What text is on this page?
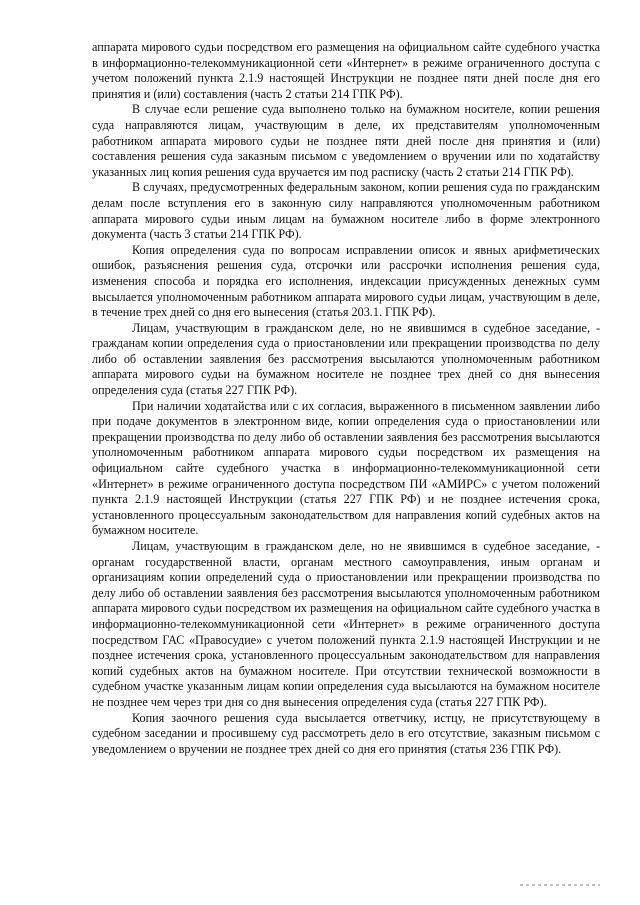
аппарата мирового судьи посредством его размещения на официальном сайте судебного участка в информационно-телекоммуникационной сети «Интернет» в режиме ограниченного доступа с учетом положений пункта 2.1.9 настоящей Инструкции не позднее пяти дней после дня его принятия и (или) составления (часть 2 статьи 214 ГПК РФ).

В случае если решение суда выполнено только на бумажном носителе, копии решения суда направляются лицам, участвующим в деле, их представителям уполномоченным работником аппарата мирового судьи не позднее пяти дней после дня принятия и (или) составления решения суда заказным письмом с уведомлением о вручении или по ходатайству указанных лиц копия решения суда вручается им под расписку (часть 2 статьи 214 ГПК РФ).

В случаях, предусмотренных федеральным законом, копии решения суда по гражданским делам после вступления его в законную силу направляются уполномоченным работником аппарата мирового судьи иным лицам на бумажном носителе либо в форме электронного документа (часть 3 статьи 214 ГПК РФ).

Копия определения суда по вопросам исправлении описок и явных арифметических ошибок, разъяснения решения суда, отсрочки или рассрочки исполнения решения суда, изменения способа и порядка его исполнения, индексации присужденных денежных сумм высылается уполномоченным работником аппарата мирового судьи лицам, участвующим в деле, в течение трех дней со дня его вынесения (статья 203.1. ГПК РФ).

Лицам, участвующим в гражданском деле, но не явившимся в судебное заседание, - гражданам копии определения суда о приостановлении или прекращении производства по делу либо об оставлении заявления без рассмотрения высылаются уполномоченным работником аппарата мирового судьи на бумажном носителе не позднее трех дней со дня вынесения определения суда (статья 227 ГПК РФ).

При наличии ходатайства или с их согласия, выраженного в письменном заявлении либо при подаче документов в электронном виде, копии определения суда о приостановлении или прекращении производства по делу либо об оставлении заявления без рассмотрения высылаются уполномоченным работником аппарата мирового судьи посредством их размещения на официальном сайте судебного участка в информационно-телекоммуникационной сети «Интернет» в режиме ограниченного доступа посредством ПИ «АМИРС» с учетом положений пункта 2.1.9 настоящей Инструкции (статья 227 ГПК РФ) и не позднее истечения срока, установленного процессуальным законодательством для направления копий судебных актов на бумажном носителе.

Лицам, участвующим в гражданском деле, но не явившимся в судебное заседание, - органам государственной власти, органам местного самоуправления, иным органам и организациям копии определений суда о приостановлении или прекращении производства по делу либо об оставлении заявления без рассмотрения высылаются уполномоченным работником аппарата мирового судьи посредством их размещения на официальном сайте судебного участка в информационно-телекоммуникационной сети «Интернет» в режиме ограниченного доступа посредством ГАС «Правосудие» с учетом положений пункта 2.1.9 настоящей Инструкции и не позднее истечения срока, установленного процессуальным законодательством для направления копий судебных актов на бумажном носителе. При отсутствии технической возможности в судебном участке указанным лицам копии определения суда высылаются на бумажном носителе не позднее чем через три дня со дня вынесения определения суда (статья 227 ГПК РФ).

Копия заочного решения суда высылается ответчику, истцу, не присутствующему в судебном заседании и просившему суд рассмотреть дело в его отсутствие, заказным письмом с уведомлением о вручении не позднее трех дней со дня его принятия (статья 236 ГПК РФ).
